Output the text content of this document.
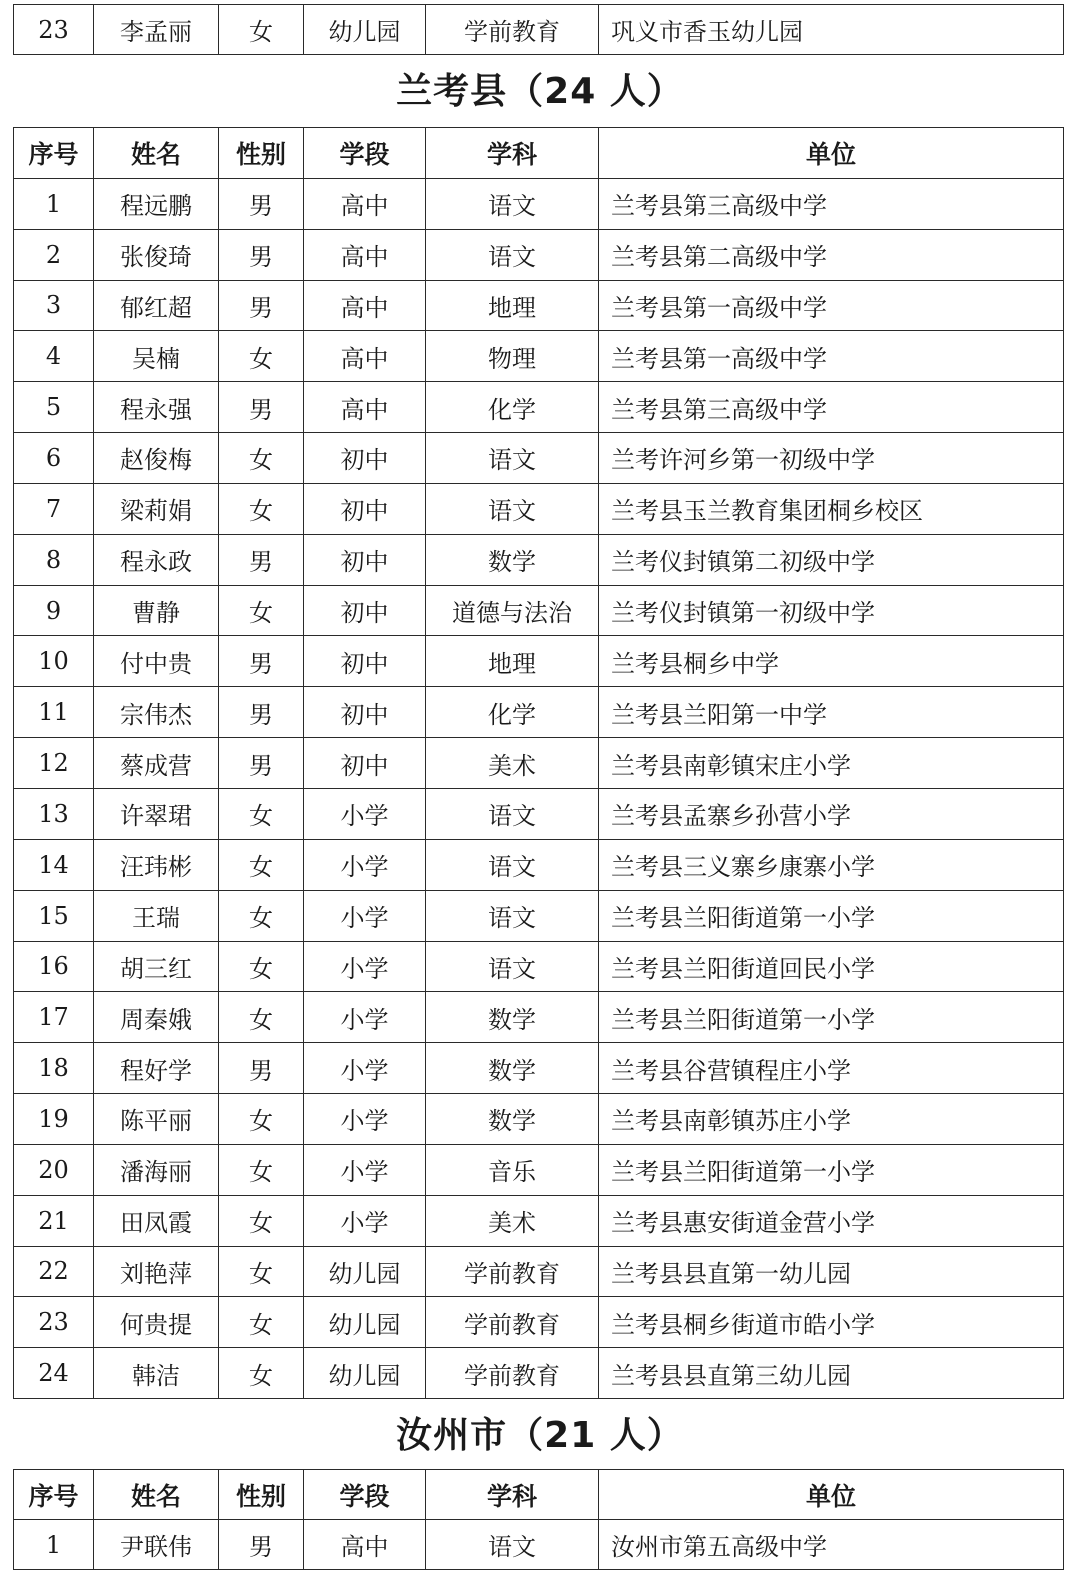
23	李孟丽	女	幼儿园	学前教育	巩义市香玉幼儿园
兰考县（24 人）
序号	姓名	性别	学段	学科	单位
1	程远鹏	男	高中	语文	兰考县第三高级中学
2	张俊琦	男	高中	语文	兰考县第二高级中学
3	郁红超	男	高中	地理	兰考县第一高级中学
4	吴楠	女	高中	物理	兰考县第一高级中学
5	程永强	男	高中	化学	兰考县第三高级中学
6	赵俊梅	女	初中	语文	兰考许河乡第一初级中学
7	梁莉娟	女	初中	语文	兰考县玉兰教育集团桐乡校区
8	程永政	男	初中	数学	兰考仪封镇第二初级中学
9	曹静	女	初中	道德与法治	兰考仪封镇第一初级中学
10	付中贵	男	初中	地理	兰考县桐乡中学
11	宗伟杰	男	初中	化学	兰考县兰阳第一中学
12	蔡成营	男	初中	美术	兰考县南彰镇宋庄小学
13	许翠珺	女	小学	语文	兰考县孟寨乡孙营小学
14	汪玮彬	女	小学	语文	兰考县三义寨乡康寨小学
15	王瑞	女	小学	语文	兰考县兰阳街道第一小学
16	胡三红	女	小学	语文	兰考县兰阳街道回民小学
17	周秦娥	女	小学	数学	兰考县兰阳街道第一小学
18	程好学	男	小学	数学	兰考县谷营镇程庄小学
19	陈平丽	女	小学	数学	兰考县南彰镇苏庄小学
20	潘海丽	女	小学	音乐	兰考县兰阳街道第一小学
21	田凤霞	女	小学	美术	兰考县惠安街道金营小学
22	刘艳萍	女	幼儿园	学前教育	兰考县县直第一幼儿园
23	何贵提	女	幼儿园	学前教育	兰考县桐乡街道市皓小学
24	韩洁	女	幼儿园	学前教育	兰考县县直第三幼儿园
汝州市（21 人）
序号	姓名	性别	学段	学科	单位
1	尹联伟	男	高中	语文	汝州市第五高级中学
